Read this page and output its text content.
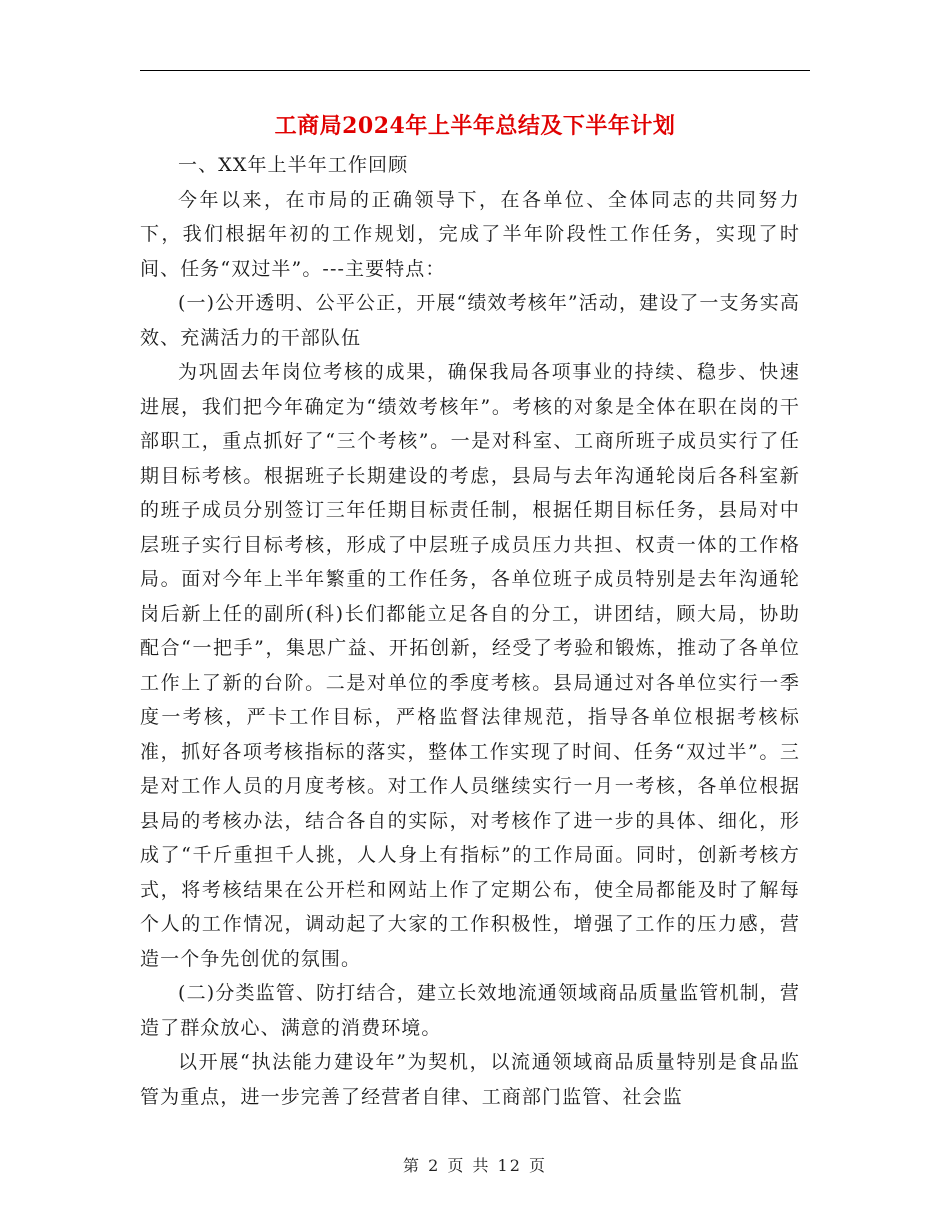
工商局2024年上半年总结及下半年计划

一、XX年上半年工作回顾

今年以来，在市局的正确领导下，在各单位、全体同志的共同努力下，我们根据年初的工作规划，完成了半年阶段性工作任务，实现了时间、任务“双过半”。---主要特点：

(一)公开透明、公平公正，开展“绩效考核年”活动，建设了一支务实高效、充满活力的干部队伍

为巩固去年岗位考核的成果，确保我局各项事业的持续、稳步、快速进展，我们把今年确定为“绩效考核年”。考核的对象是全体在职在岗的干部职工，重点抓好了“三个考核”。一是对科室、工商所班子成员实行了任期目标考核。根据班子长期建设的考虑，县局与去年沟通轮岗后各科室新的班子成员分别签订三年任期目标责任制，根据任期目标任务，县局对中层班子实行目标考核，形成了中层班子成员压力共担、权责一体的工作格局。面对今年上半年繁重的工作任务，各单位班子成员特别是去年沟通轮岗后新上任的副所(科)长们都能立足各自的分工，讲团结，顾大局，协助配合“一把手”，集思广益、开拓创新，经受了考验和锻炼，推动了各单位工作上了新的台阶。二是对单位的季度考核。县局通过对各单位实行一季度一考核，严卡工作目标，严格监督法律规范，指导各单位根据考核标准，抓好各项考核指标的落实，整体工作实现了时间、任务“双过半”。三是对工作人员的月度考核。对工作人员继续实行一月一考核，各单位根据县局的考核办法，结合各自的实际，对考核作了进一步的具体、细化，形成了“千斤重担千人挑，人人身上有指标”的工作局面。同时，创新考核方式，将考核结果在公开栏和网站上作了定期公布，使全局都能及时了解每个人的工作情况，调动起了大家的工作积极性，增强了工作的压力感，营造一个争先创优的氛围。

(二)分类监管、防打结合，建立长效地流通领域商品质量监管机制，营造了群众放心、满意的消费环境。

以开展“执法能力建设年”为契机，以流通领域商品质量特别是食品监管为重点，进一步完善了经营者自律、工商部门监管、社会监

第 2 页 共 12 页
